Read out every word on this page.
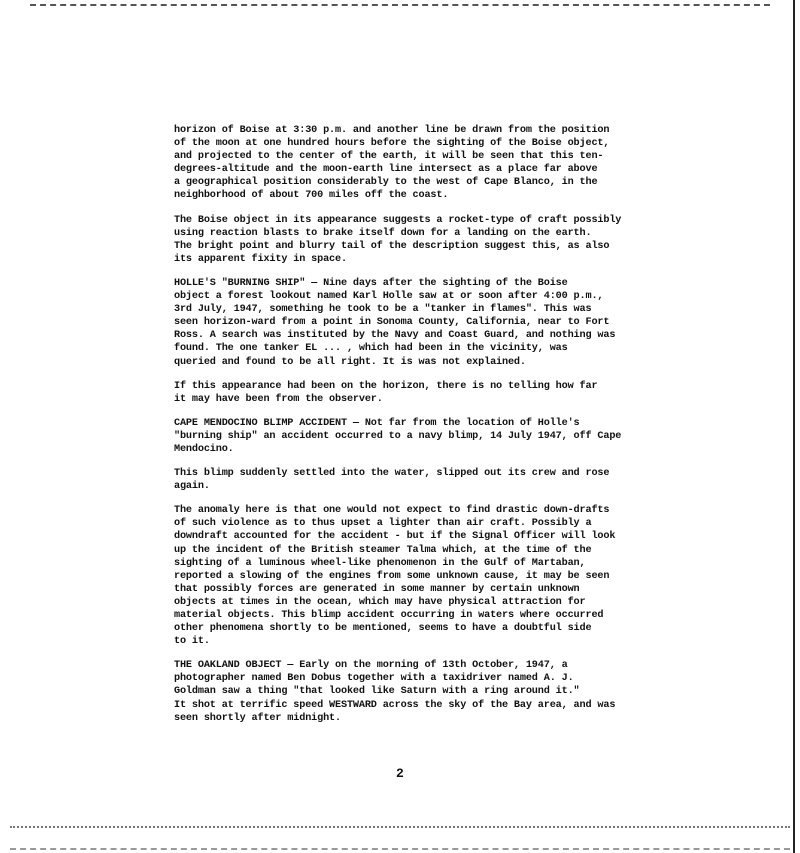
horizon of Boise at 3:30 p.m. and another line be drawn from the position
of the moon at one hundred hours before the sighting of the Boise object,
and projected to the center of the earth, it will be seen that this ten-
degrees-altitude and the moon-earth line intersect as a place far above
a geographical position considerably to the west of Cape Blanco, in the
neighborhood of about 700 miles off the coast.
The Boise object in its appearance suggests a rocket-type of craft possibly
using reaction blasts to brake itself down for a landing on the earth.
The bright point and blurry tail of the description suggest this, as also
its apparent fixity in space.
HOLLE'S "BURNING SHIP" — Nine days after the sighting of the Boise
object a forest lookout named Karl Holle saw at or soon after 4:00 p.m.,
3rd July, 1947, something he took to be a "tanker in flames". This was
seen horizon-ward from a point in Sonoma County, California, near to Fort
Ross. A search was instituted by the Navy and Coast Guard, and nothing was
found. The one tanker EL ... , which had been in the vicinity, was
queried and found to be all right. It is was not explained.
If this appearance had been on the horizon, there is no telling how far
it may have been from the observer.
CAPE MENDOCINO BLIMP ACCIDENT — Not far from the location of Holle's
"burning ship" an accident occurred to a navy blimp, 14 July 1947, off Cape
Mendocino.
This blimp suddenly settled into the water, slipped out its crew and rose
again.
The anomaly here is that one would not expect to find drastic down-drafts
of such violence as to thus upset a lighter than air craft. Possibly a
downdraft accounted for the accident - but if the Signal Officer will look
up the incident of the British steamer Talma which, at the time of the
sighting of a luminous wheel-like phenomenon in the Gulf of Martaban,
reported a slowing of the engines from some unknown cause, it may be seen
that possibly forces are generated in some manner by certain unknown
objects at times in the ocean, which may have physical attraction for
material objects. This blimp accident occurring in waters where occurred
other phenomena shortly to be mentioned, seems to have a doubtful side
to it.
THE OAKLAND OBJECT — Early on the morning of 13th October, 1947, a
photographer named Ben Dobus together with a taxidriver named A. J.
Goldman saw a thing "that looked like Saturn with a ring around it."
It shot at terrific speed WESTWARD across the sky of the Bay area, and was
seen shortly after midnight.
2
